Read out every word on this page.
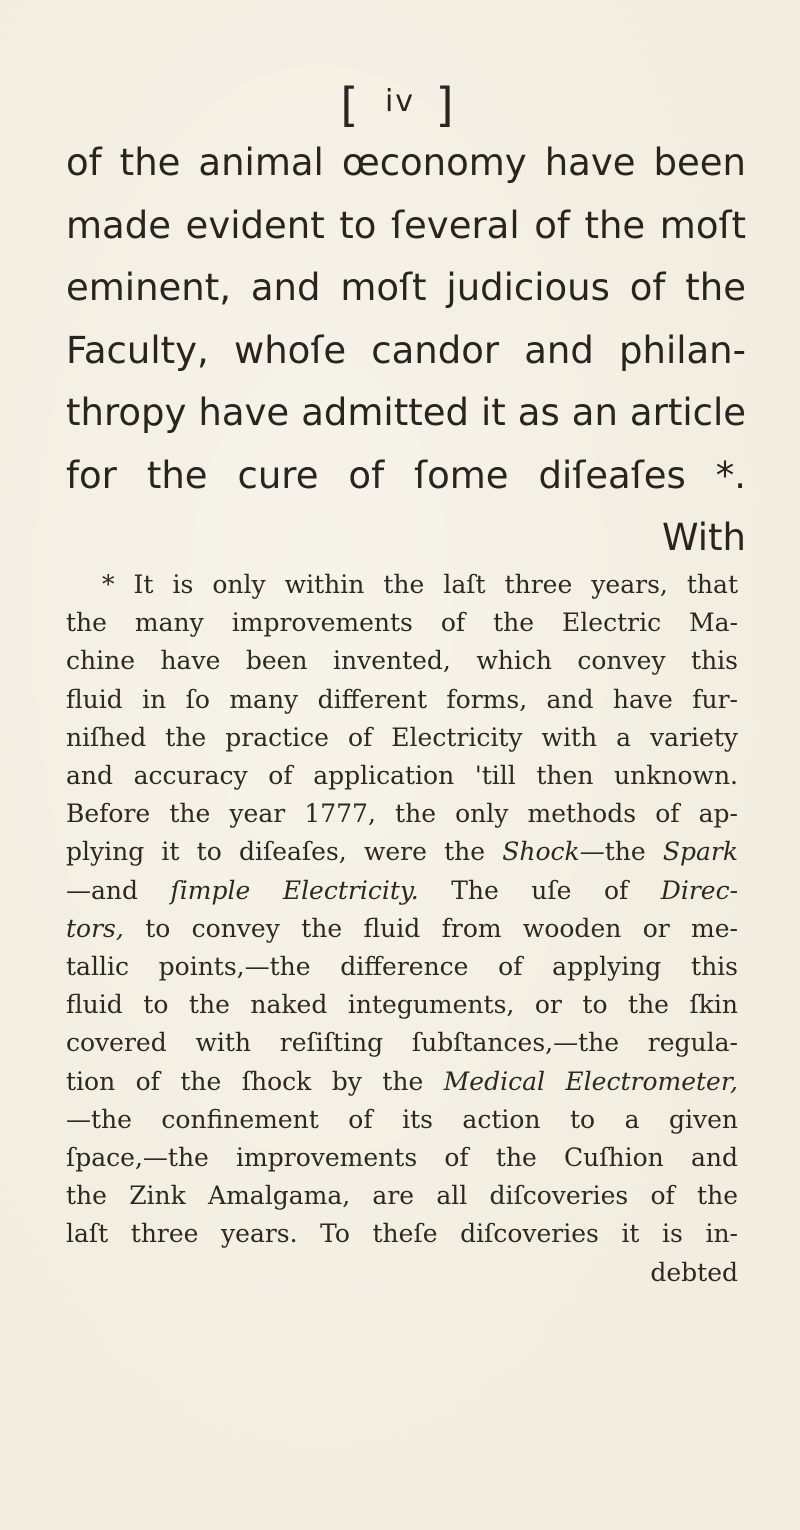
[ $^{iv}$ ]
of the animal œconomy have been
made evident to ſeveral of the moſt
eminent, and moſt judicious of the
Faculty, whoſe candor and philan-
thropy have admitted it as an article
for the cure of ſome diſeaſes *.
With
* It is only within the laſt three years, that
the many improvements of the Electric Ma-
chine have been invented, which convey this
fluid in ſo many different forms, and have fur-
niſhed the practice of Electricity with a variety
and accuracy of application 'till then unknown.
Before the year 1777, the only methods of ap-
plying it to diſeaſes, were the Shock—the Spark
—and ſimple Electricity. The uſe of Direc-
tors, to convey the fluid from wooden or me-
tallic points,—the difference of applying this
fluid to the naked integuments, or to the ſkin
covered with reſiſting ſubſtances,—the regula-
tion of the ſhock by the Medical Electrometer,
—the confinement of its action to a given
ſpace,—the improvements of the Cuſhion and
the Zink Amalgama, are all diſcoveries of the
laſt three years. To theſe diſcoveries it is in-
debted
